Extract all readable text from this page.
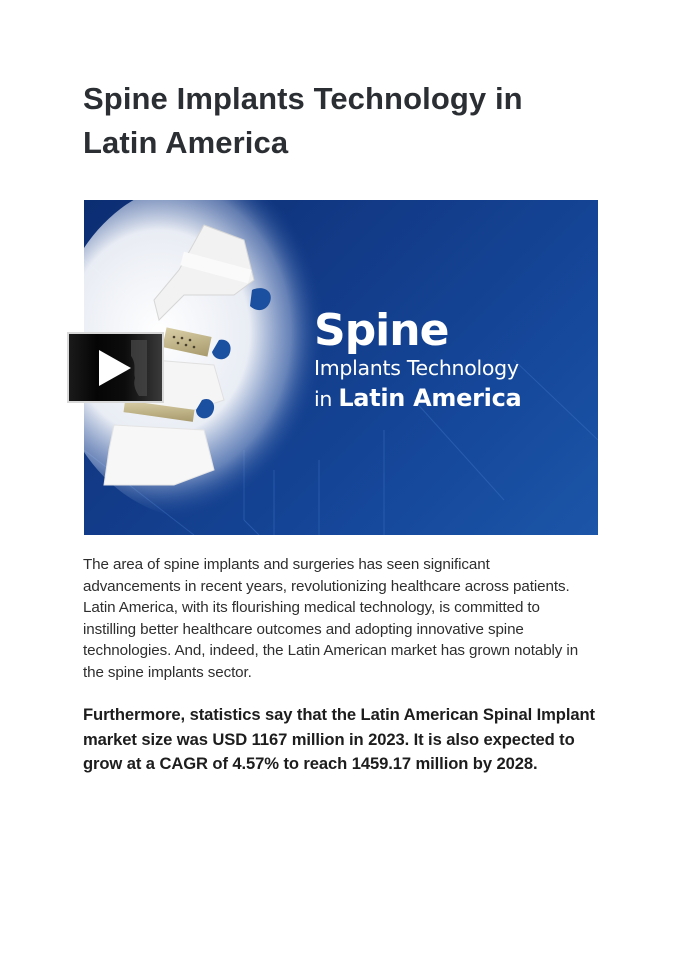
Spine Implants Technology in Latin America
Spine
Implants Technology
in Latin America

The area of spine implants and surgeries has seen significant advancements in recent years, revolutionizing healthcare across patients. Latin America, with its flourishing medical technology, is committed to instilling better healthcare outcomes and adopting innovative spine technologies. And, indeed, the Latin American market has grown notably in the spine implants sector.

Furthermore, statistics say that the Latin American Spinal Implant market size was USD 1167 million in 2023. It is also expected to grow at a CAGR of 4.57% to reach 1459.17 million by 2028.
